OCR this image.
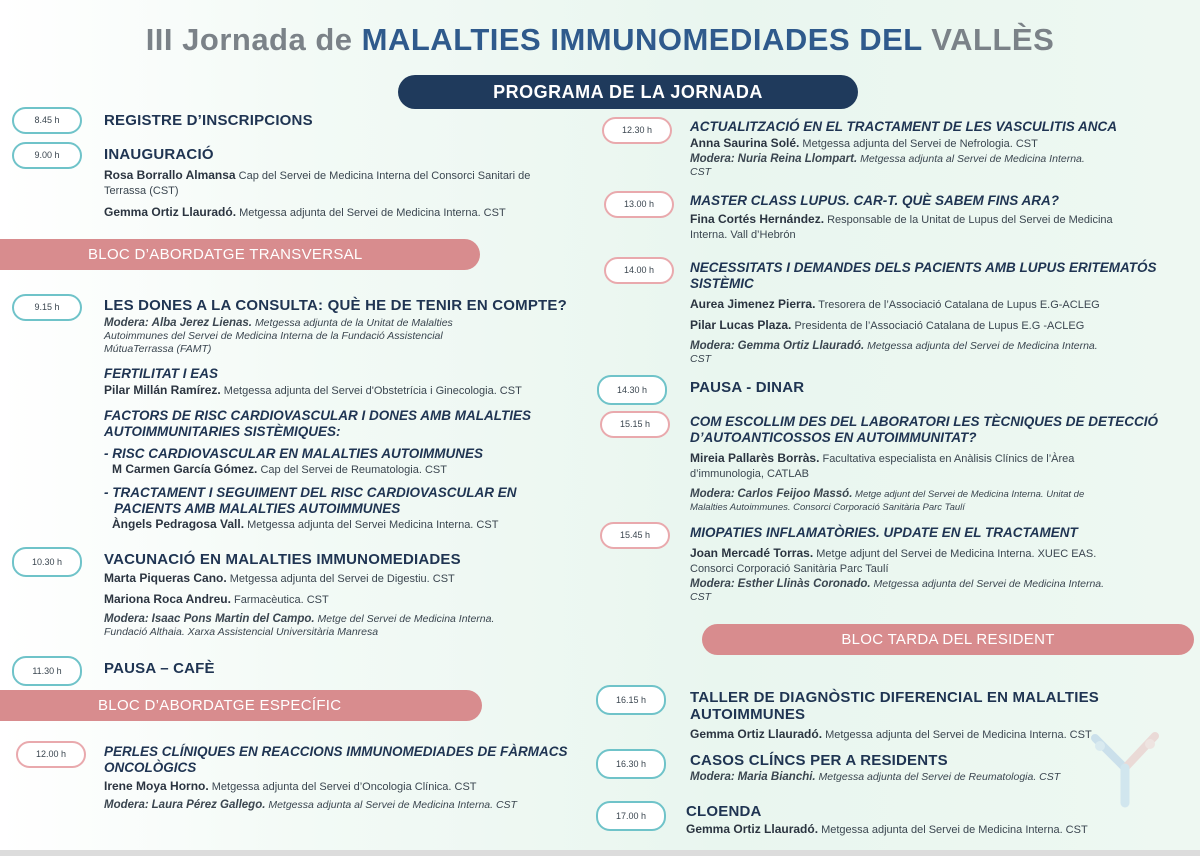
III Jornada de MALALTIES IMMUNOMEDIADES DEL VALLÈS
PROGRAMA DE LA JORNADA
8.45 h	REGISTRE D’INSCRIPCIONS
9.00 h	INAUGURACIÓ
Rosa Borrallo Almansa Cap del Servei de Medicina Interna del Consorci Sanitari de
Terrassa (CST)
Gemma Ortiz Llauradó. Metgessa adjunta del Servei de Medicina Interna. CST
BLOC D’ABORDATGE TRANSVERSAL
9.15 h	LES DONES A LA CONSULTA: QUÈ HE DE TENIR EN COMPTE?
Modera: Alba Jerez Lienas. Metgessa adjunta de la Unitat de Malalties
Autoimmunes del Servei de Medicina Interna de la Fundació Assistencial
MútuaTerrassa (FAMT)
FERTILITAT I EAS
Pilar Millán Ramírez. Metgessa adjunta del Servei d'Obstetrícia i Ginecologia. CST
FACTORS DE RISC CARDIOVASCULAR I DONES AMB MALALTIES
AUTOIMMUNITARIES SISTÈMIQUES:
- RISC CARDIOVASCULAR EN MALALTIES AUTOIMMUNES
M Carmen García Gómez. Cap del Servei de Reumatologia. CST
- TRACTAMENT I SEGUIMENT DEL RISC CARDIOVASCULAR EN
PACIENTS AMB MALALTIES AUTOIMMUNES
Àngels Pedragosa Vall. Metgessa adjunta del Servei Medicina Interna. CST
10.30 h	VACUNACIÓ EN MALALTIES IMMUNOMEDIADES
Marta Piqueras Cano. Metgessa adjunta del Servei de Digestiu. CST
Mariona Roca Andreu. Farmacèutica. CST
Modera: Isaac Pons Martin del Campo. Metge del Servei de Medicina Interna.
Fundació Althaia. Xarxa Assistencial Universitària Manresa
11.30 h	PAUSA – CAFÈ
BLOC D’ABORDATGE ESPECÍFIC
12.00 h	PERLES CLÍNIQUES EN REACCIONS IMMUNOMEDIADES DE FÀRMACS
ONCOLÒGICS
Irene Moya Horno. Metgessa adjunta del Servei d’Oncologia Clínica. CST
Modera: Laura Pérez Gallego. Metgessa adjunta al Servei de Medicina Interna. CST
12.30 h	ACTUALITZACIÓ EN EL TRACTAMENT DE LES VASCULITIS ANCA
Anna Saurina Solé. Metgessa adjunta del Servei de Nefrologia. CST
Modera: Nuria Reina Llompart. Metgessa adjunta al Servei de Medicina Interna.
CST
13.00 h	MASTER CLASS LUPUS. CAR-T. QUÈ SABEM FINS ARA?
Fina Cortés Hernández. Responsable de la Unitat de Lupus del Servei de Medicina
Interna. Vall d’Hebrón
14.00 h	NECESSITATS I DEMANDES DELS PACIENTS AMB LUPUS ERITEMATÓS
SISTÈMIC
Aurea Jimenez Pierra. Tresorera de l’Associació Catalana de Lupus E.G-ACLEG
Pilar Lucas Plaza. Presidenta de l’Associació Catalana de Lupus E.G -ACLEG
Modera: Gemma Ortiz Llauradó. Metgessa adjunta del Servei de Medicina Interna.
CST
14.30 h	PAUSA - DINAR
15.15 h	COM ESCOLLIM DES DEL LABORATORI LES TÈCNIQUES DE DETECCIÓ
D’AUTOANTICOSSOS EN AUTOIMMUNITAT?
Mireia Pallarès Borràs. Facultativa especialista en Anàlisis Clínics de l’Àrea
d’immunologia, CATLAB
Modera: Carlos Feijoo Massó. Metge adjunt del Servei de Medicina Interna. Unitat de
Malalties Autoimmunes. Consorci Corporació Sanitària Parc Taulí
15.45 h	MIOPATIES INFLAMATÒRIES. UPDATE EN EL TRACTAMENT
Joan Mercadé Torras. Metge adjunt del Servei de Medicina Interna. XUEC EAS.
Consorci Corporació Sanitària Parc Taulí
Modera: Esther Llinàs Coronado. Metgessa adjunta del Servei de Medicina Interna.
CST
BLOC TARDA DEL RESIDENT
16.15 h	TALLER DE DIAGNÒSTIC DIFERENCIAL EN MALALTIES
AUTOIMMUNES
Gemma Ortiz Llauradó. Metgessa adjunta del Servei de Medicina Interna. CST
16.30 h	CASOS CLÍNCS PER A RESIDENTS
Modera: Maria Bianchi. Metgessa adjunta del Servei de Reumatologia. CST
17.00 h	CLOENDA
Gemma Ortiz Llauradó. Metgessa adjunta del Servei de Medicina Interna. CST
